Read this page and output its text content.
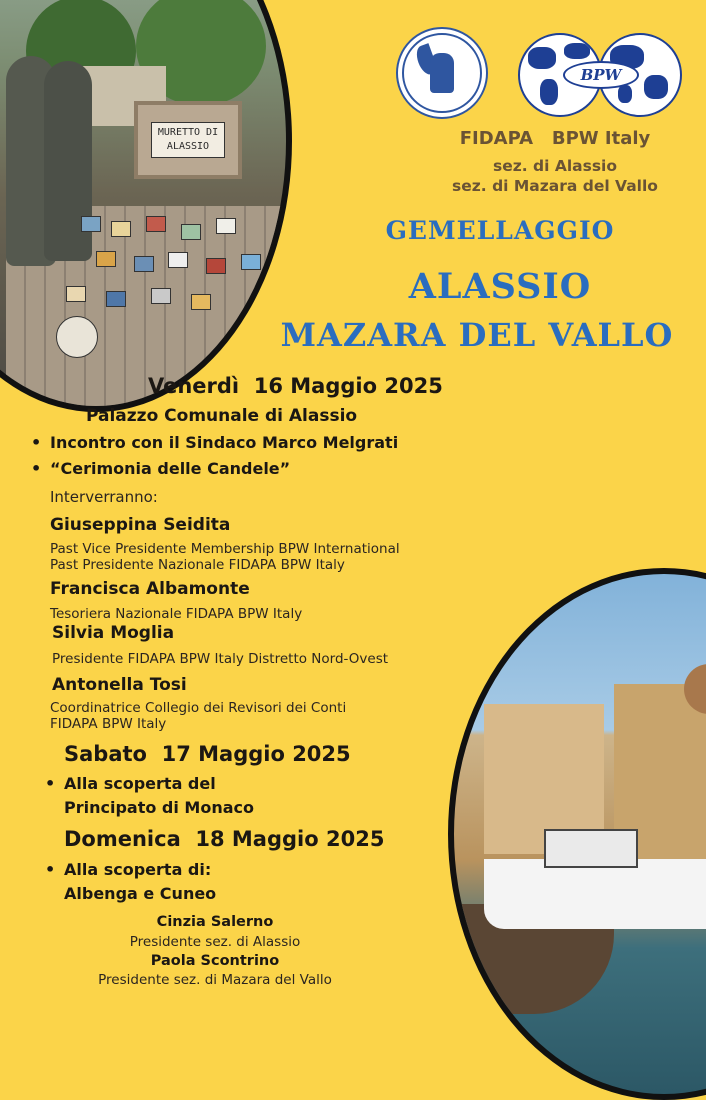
MURETTO DI
ALASSIO
BPW
FIDAPA   BPW Italy
sez. di Alassio
sez. di Mazara del Vallo
GEMELLAGGIO
ALASSIO
MAZARA DEL VALLO
Venerdì  16 Maggio 2025
Palazzo Comunale di Alassio
• Incontro con il Sindaco Marco Melgrati
• “Cerimonia delle Candele”
Interverranno:
Giuseppina Seidita
Past Vice Presidente Membership BPW International
Past Presidente Nazionale FIDAPA BPW Italy
Francisca Albamonte
Tesoriera Nazionale FIDAPA BPW Italy
Silvia Moglia
Presidente FIDAPA BPW Italy Distretto Nord-Ovest
Antonella Tosi
Coordinatrice Collegio dei Revisori dei Conti
FIDAPA BPW Italy
Sabato  17 Maggio 2025
• Alla scoperta del
Principato di Monaco
Domenica  18 Maggio 2025
• Alla scoperta di:
Albenga e Cuneo
Cinzia Salerno
Presidente sez. di Alassio
Paola Scontrino
Presidente sez. di Mazara del Vallo
